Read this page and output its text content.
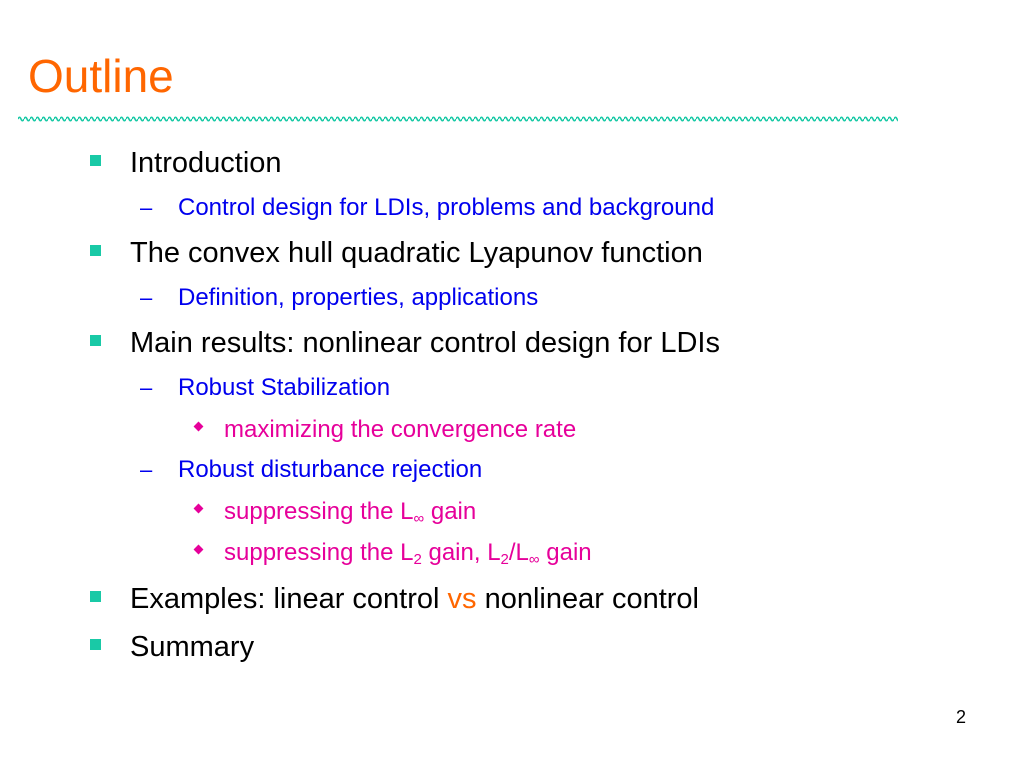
Outline
Introduction
– Control design for LDIs, problems and background
The convex hull quadratic Lyapunov function
– Definition, properties, applications
Main results: nonlinear control design for LDIs
– Robust Stabilization
maximizing the convergence rate
– Robust disturbance rejection
suppressing the $L_\infty$ gain
suppressing the $L_2$ gain, $L_2/L_\infty$ gain
Examples: linear control vs nonlinear control
Summary
2
